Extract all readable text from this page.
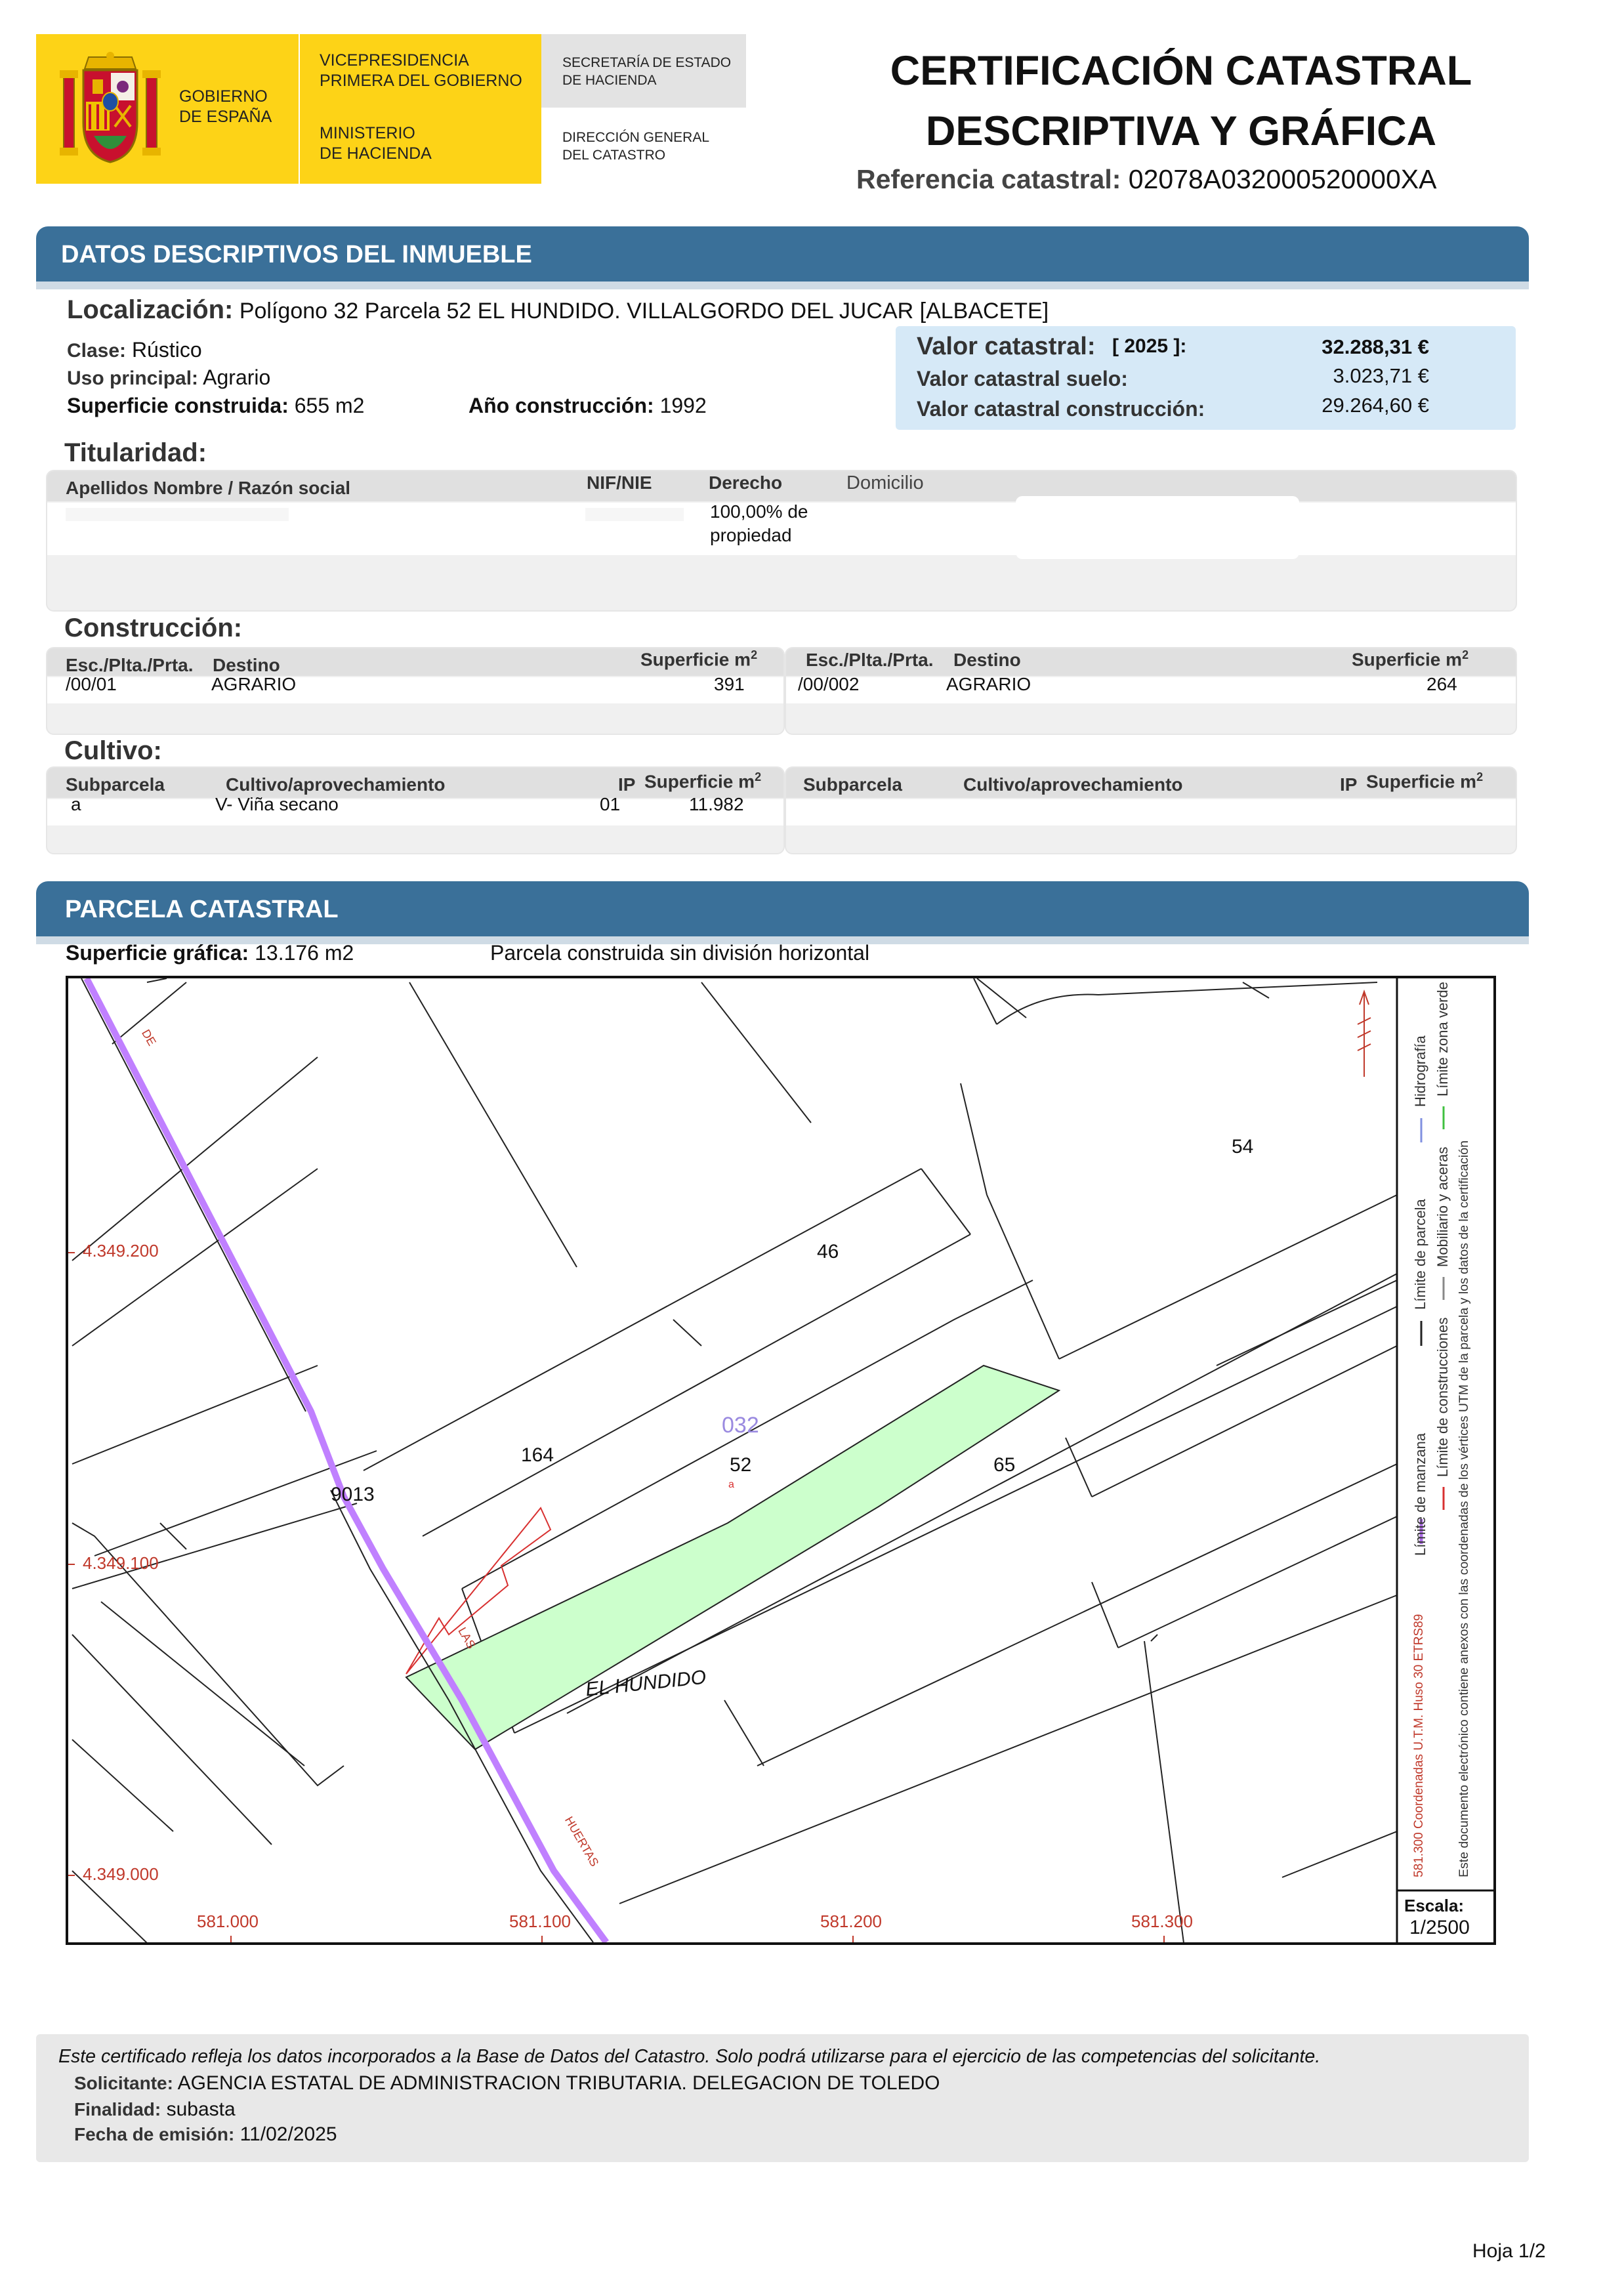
GOBIERNO
DE ESPAÑA
VICEPRESIDENCIA
PRIMERA DEL GOBIERNO
MINISTERIO
DE HACIENDA
SECRETARÍA DE ESTADO
DE HACIENDA
DIRECCIÓN GENERAL
DEL CATASTRO
CERTIFICACIÓN CATASTRAL
DESCRIPTIVA Y GRÁFICA
Referencia catastral: 02078A032000520000XA
DATOS DESCRIPTIVOS DEL INMUEBLE
Localización: Polígono 32 Parcela 52 EL HUNDIDO. VILLALGORDO DEL JUCAR [ALBACETE]
Clase: Rústico
Uso principal: Agrario
Superficie construida: 655 m2	Año construcción: 1992
Valor catastral: [ 2025 ]:	32.288,31 €
Valor catastral suelo:	3.023,71 €
Valor catastral construcción:	29.264,60 €
Titularidad:
Apellidos Nombre / Razón social	NIF/NIE	Derecho	Domicilio
100,00% de
propiedad
Construcción:
Esc./Plta./Prta. Destino	Superficie $m^2$
/00/01	AGRARIO	391
Esc./Plta./Prta. Destino	Superficie $m^2$
/00/002	AGRARIO	264
Cultivo:
Subparcela	Cultivo/aprovechamiento	IP Superficie $m^2$
a	V- Viña secano	01	11.982
Subparcela	Cultivo/aprovechamiento	IP Superficie $m^2$
PARCELA CATASTRAL
Superficie gráfica: 13.176 m2	Parcela construida sin división horizontal
54
46
164	65
9013
032
52
a
EL HUNDIDO
DE
LAS
HUERTAS
4.349.200
4.349.100
4.349.000
581.000	581.100	581.200	581.300
Límite de manzana
Límite de parcela
Hidrografía
Límite de construcciones
Mobiliario y aceras
Límite zona verde
Este documento electrónico contiene anexos con las coordenadas de los vértices UTM de la parcela y los datos de la certificación
581.300 Coordenadas U.T.M. Huso 30 ETRS89
Escala:
1/2500
Este certificado refleja los datos incorporados a la Base de Datos del Catastro. Solo podrá utilizarse para el ejercicio de las competencias del solicitante.
Solicitante: AGENCIA ESTATAL DE ADMINISTRACION TRIBUTARIA. DELEGACION DE TOLEDO
Finalidad: subasta
Fecha de emisión: 11/02/2025
Hoja 1/2
